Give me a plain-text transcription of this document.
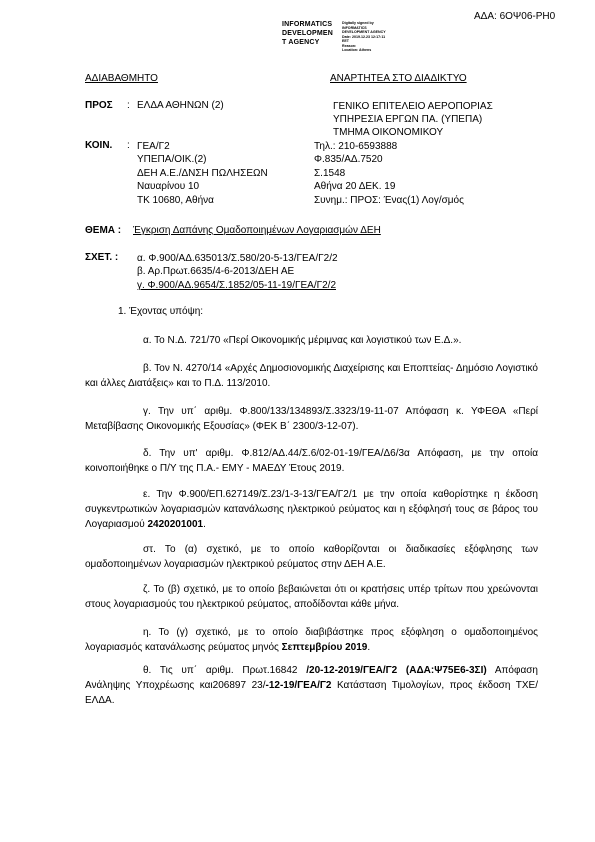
ΑΔΑ: 6ΟΨ06-ΡΗ0
INFORMATICS
DEVELOPMEN
T AGENCY
Digitally signed by
INFORMATICS
DEVELOPMENT AGENCY
Date: 2019.12.23 12:17:11
EET
Reason:
Location: Athens
ΑΔΙΑΒΑΘΜΗΤΟ	ΑΝΑΡΤΗΤΕΑ ΣΤΟ ΔΙΑΔΙΚΤΥΟ
ΠΡΟΣ : ΕΛΔΑ ΑΘΗΝΩΝ (2)	ΓΕΝΙΚΟ ΕΠΙΤΕΛΕΙΟ ΑΕΡΟΠΟΡΙΑΣ
ΥΠΗΡΕΣΙΑ ΕΡΓΩΝ ΠΑ. (ΥΠΕΠΑ)
ΤΜΗΜΑ ΟΙΚΟΝΟΜΙΚΟΥ
ΚΟΙΝ. : ΓΕΑ/Γ2
ΥΠΕΠΑ/ΟΙΚ.(2)
ΔΕΗ Α.Ε./ΔΝΣΗ ΠΩΛΗΣΕΩΝ
Ναυαρίνου 10
ΤΚ 10680, Αθήνα
Τηλ.: 210-6593888
Φ.835/ΑΔ.7520
Σ.1548
Αθήνα 20 ΔΕΚ. 19
Συνημ.: ΠΡΟΣ: Ένας(1) Λογ/σμός
ΘΕΜΑ : Έγκριση Δαπάνης Ομαδοποιημένων Λογαριασμών ΔΕΗ
ΣΧΕΤ. : α. Φ.900/ΑΔ.635013/Σ.580/20-5-13/ΓΕΑ/Γ2/2
β. Αρ.Πρωτ.6635/4-6-2013/ΔΕΗ ΑΕ
γ. Φ.900/ΑΔ.9654/Σ.1852/05-11-19/ΓΕΑ/Γ2/2
1. Έχοντας υπόψη:
α. Το Ν.Δ. 721/70 «Περί Οικονομικής μέριμνας και λογιστικού των Ε.Δ.».
β. Τον Ν. 4270/14 «Αρχές Δημοσιονομικής Διαχείρισης και Εποπτείας- Δημόσιο Λογιστικό και άλλες Διατάξεις» και το Π.Δ. 113/2010.
γ. Την υπ΄ αριθμ. Φ.800/133/134893/Σ.3323/19-11-07 Απόφαση κ. ΥΦΕΘΑ «Περί Μεταβίβασης Οικονομικής Εξουσίας» (ΦΕΚ Β΄ 2300/3-12-07).
δ. Την υπ' αριθμ. Φ.812/ΑΔ.44/Σ.6/02-01-19/ΓΕΑ/Δ6/3α Απόφαση, με την οποία κοινοποιήθηκε ο Π/Υ της Π.Α.- ΕΜΥ - ΜΑΕΔΥ Έτους 2019.
ε. Την Φ.900/ΕΠ.627149/Σ.23/1-3-13/ΓΕΑ/Γ2/1 με την οποία καθορίστηκε η έκδοση συγκεντρωτικών λογαριασμών κατανάλωσης ηλεκτρικού ρεύματος και η εξόφλησή τους σε βάρος του Λογαριασμού 2420201001.
στ. Το (α) σχετικό, με το οποίο καθορίζονται οι διαδικασίες εξόφλησης των ομαδοποιημένων λογαριασμών ηλεκτρικού ρεύματος στην ΔΕΗ Α.Ε.
ζ. Το (β) σχετικό, με το οποίο βεβαιώνεται ότι οι κρατήσεις υπέρ τρίτων που χρεώνονται στους λογαριασμούς του ηλεκτρικού ρεύματος, αποδίδονται κάθε μήνα.
η. Το (γ) σχετικό, με το οποίο διαβιβάστηκε προς εξόφληση ο ομαδοποιημένος λογαριασμός κατανάλωσης ρεύματος μηνός Σεπτεμβρίου 2019.
θ. Τις υπ΄ αριθμ. Πρωτ.16842 /20-12-2019/ΓΕΑ/Γ2 (ΑΔΑ:Ψ75Ε6-3ΣΙ) Απόφαση Ανάληψης Υποχρέωσης και206897 23/-12-19/ΓΕΑ/Γ2 Κατάσταση Τιμολογίων, προς έκδοση ΤΧΕ/ΕΛΔΑ.
